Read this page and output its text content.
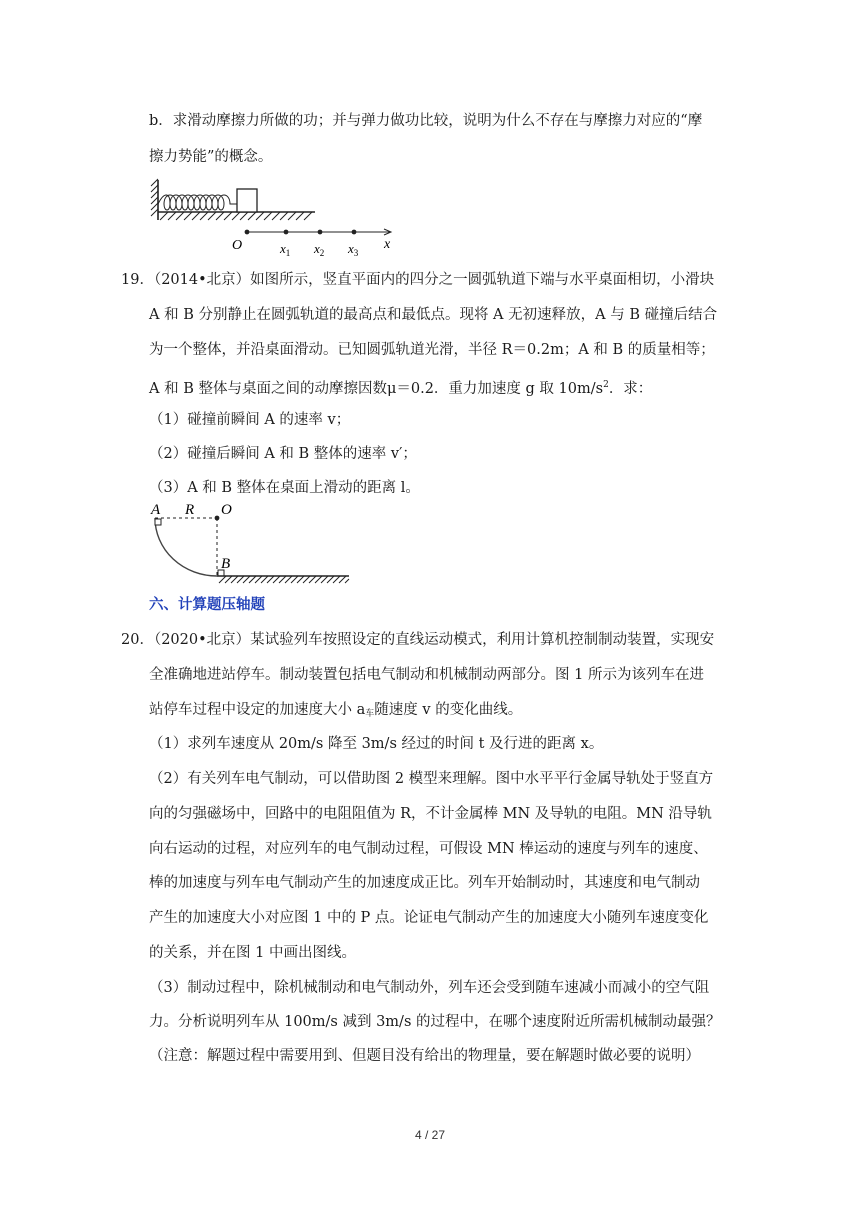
b．求滑动摩擦力所做的功；并与弹力做功比较，说明为什么不存在与摩擦力对应的“摩
擦力势能”的概念。
O	$x_1$ $x_2$ $x_3$
x
19．（2014•北京）如图所示，竖直平面内的四分之一圆弧轨道下端与水平桌面相切，小滑块
A 和 B 分别静止在圆弧轨道的最高点和最低点。现将 A 无初速释放，A 与 B 碰撞后结合
为一个整体，并沿桌面滑动。已知圆弧轨道光滑，半径 R＝0.2m；A 和 B 的质量相等；
A 和 B 整体与桌面之间的动摩擦因数μ＝0.2．重力加速度 g 取 $10m/s^2$．求：
（1）碰撞前瞬间 A 的速率 v；
（2）碰撞后瞬间 A 和 B 整体的速率 v′；
（3）A 和 B 整体在桌面上滑动的距离 l。
A R O
B
六、计算题压轴题
20．（2020•北京）某试验列车按照设定的直线运动模式，利用计算机控制制动装置，实现安
全准确地进站停车。制动装置包括电气制动和机械制动两部分。图 1 所示为该列车在进
站停车过程中设定的加速度大小 a车随速度 v 的变化曲线。
（1）求列车速度从 20m/s 降至 3m/s 经过的时间 t 及行进的距离 x。
（2）有关列车电气制动，可以借助图 2 模型来理解。图中水平平行金属导轨处于竖直方
向的匀强磁场中，回路中的电阻阻值为 R，不计金属棒 MN 及导轨的电阻。MN 沿导轨
向右运动的过程，对应列车的电气制动过程，可假设 MN 棒运动的速度与列车的速度、
棒的加速度与列车电气制动产生的加速度成正比。列车开始制动时，其速度和电气制动
产生的加速度大小对应图 1 中的 P 点。论证电气制动产生的加速度大小随列车速度变化
的关系，并在图 1 中画出图线。
（3）制动过程中，除机械制动和电气制动外，列车还会受到随车速减小而减小的空气阻
力。分析说明列车从 100m/s 减到 3m/s 的过程中，在哪个速度附近所需机械制动最强？
（注意：解题过程中需要用到、但题目没有给出的物理量，要在解题时做必要的说明）
4 / 27
